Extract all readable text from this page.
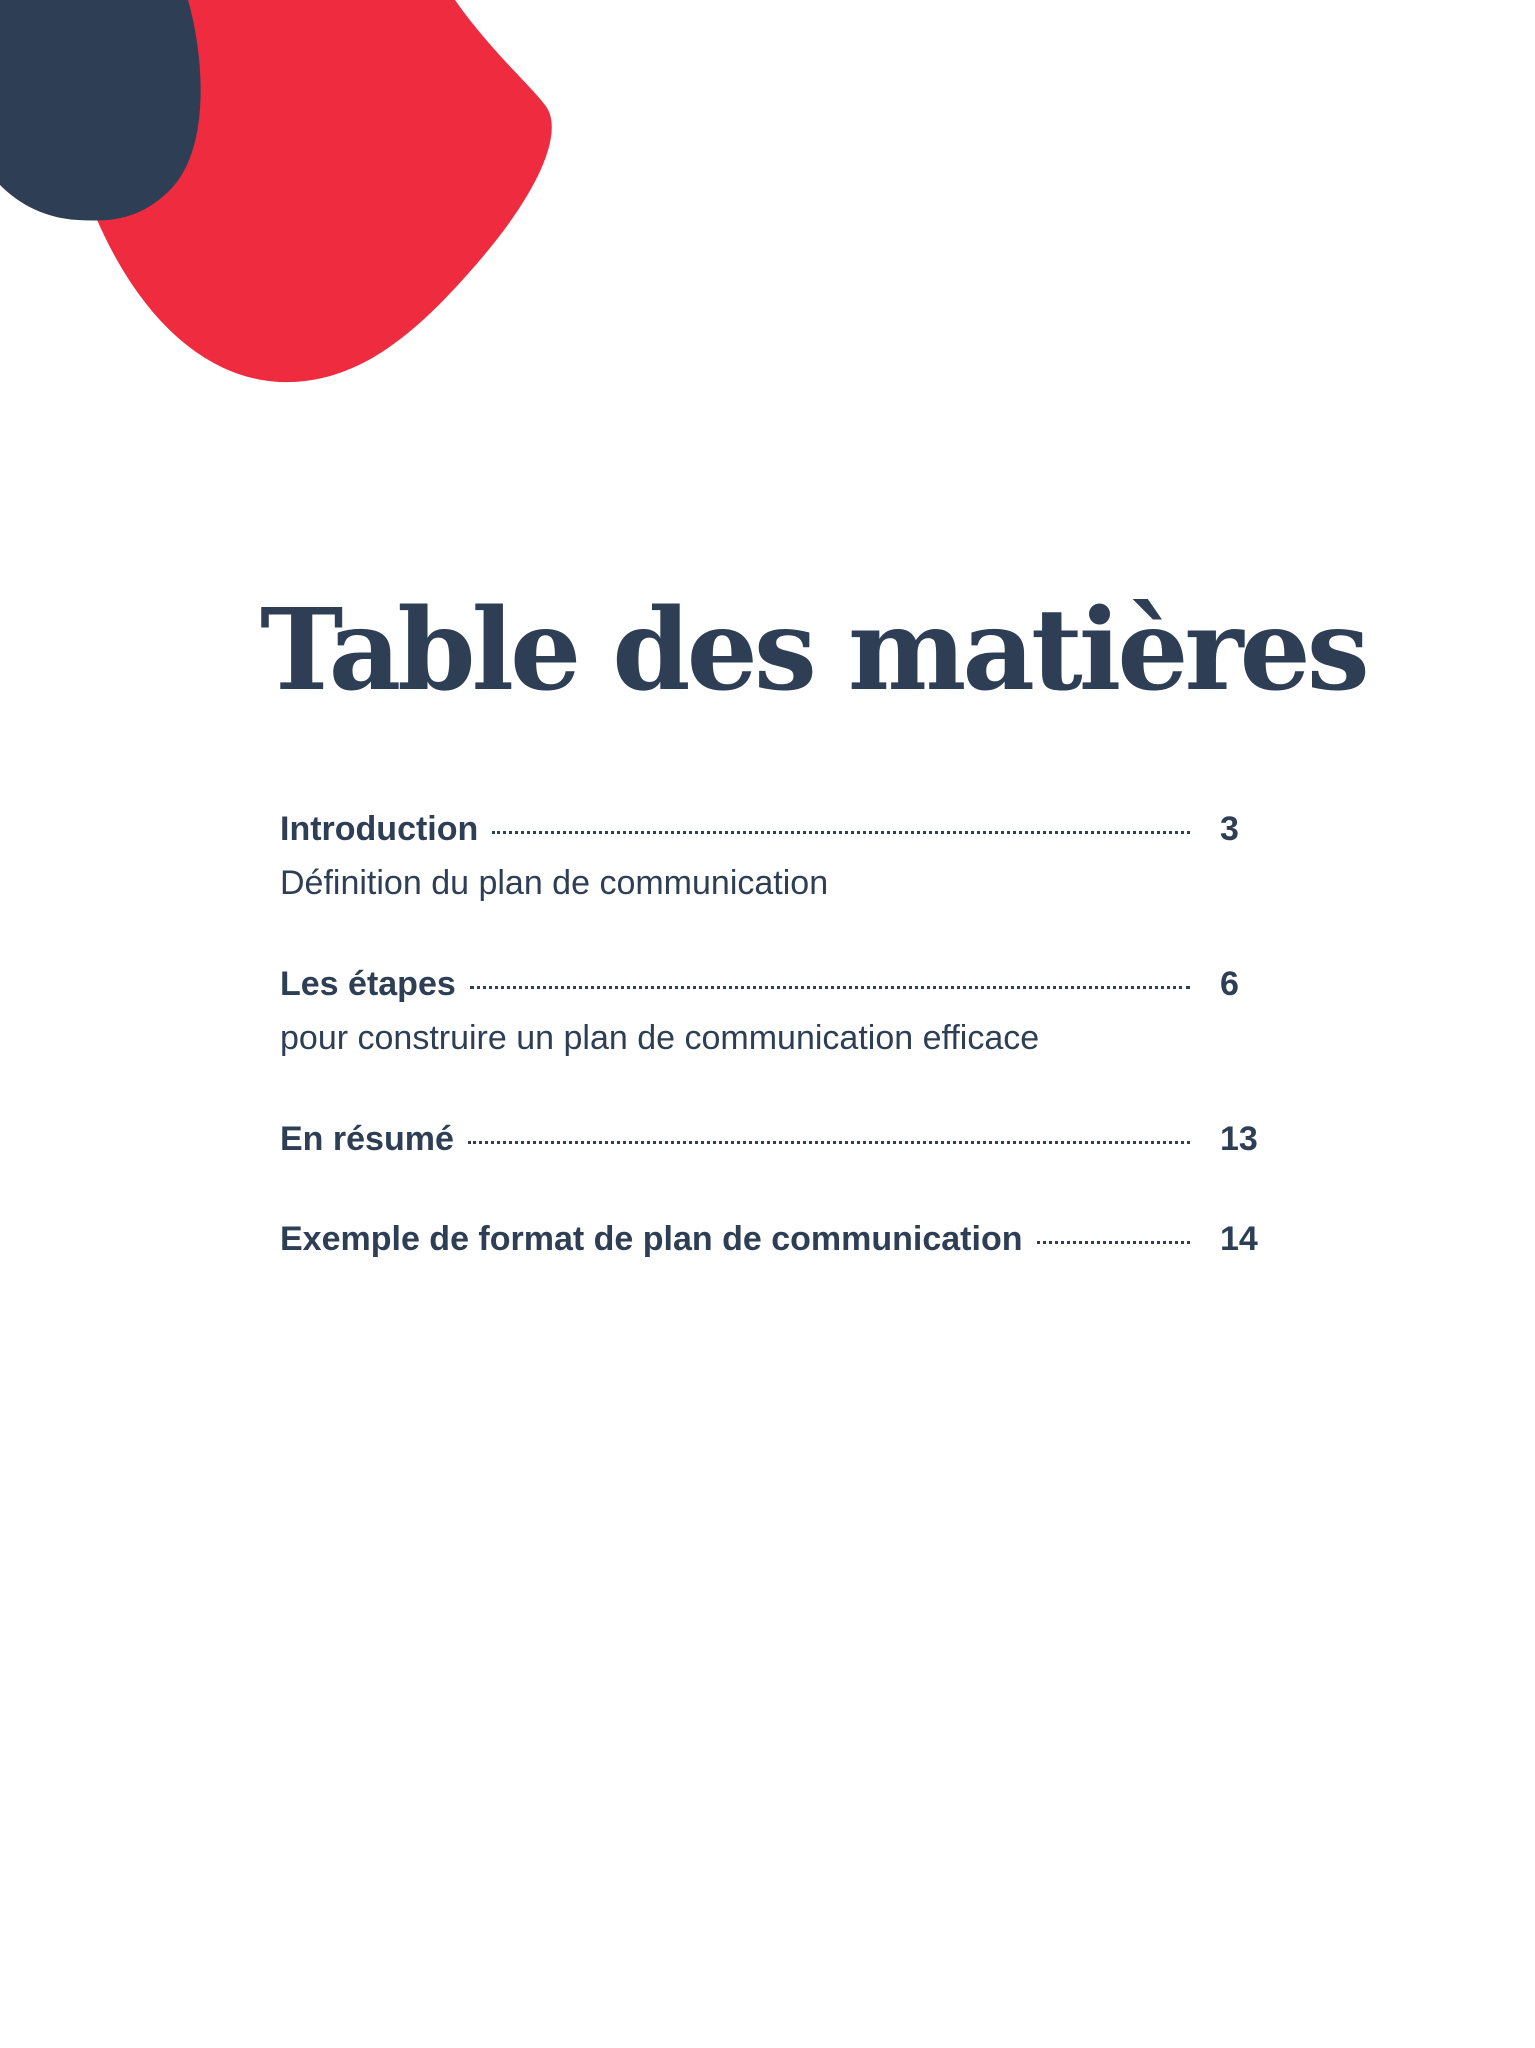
Table des matières
Introduction	3
Définition du plan de communication
Les étapes	6
pour construire un plan de communication efficace
En résumé	13
Exemple de format de plan de communication	14
